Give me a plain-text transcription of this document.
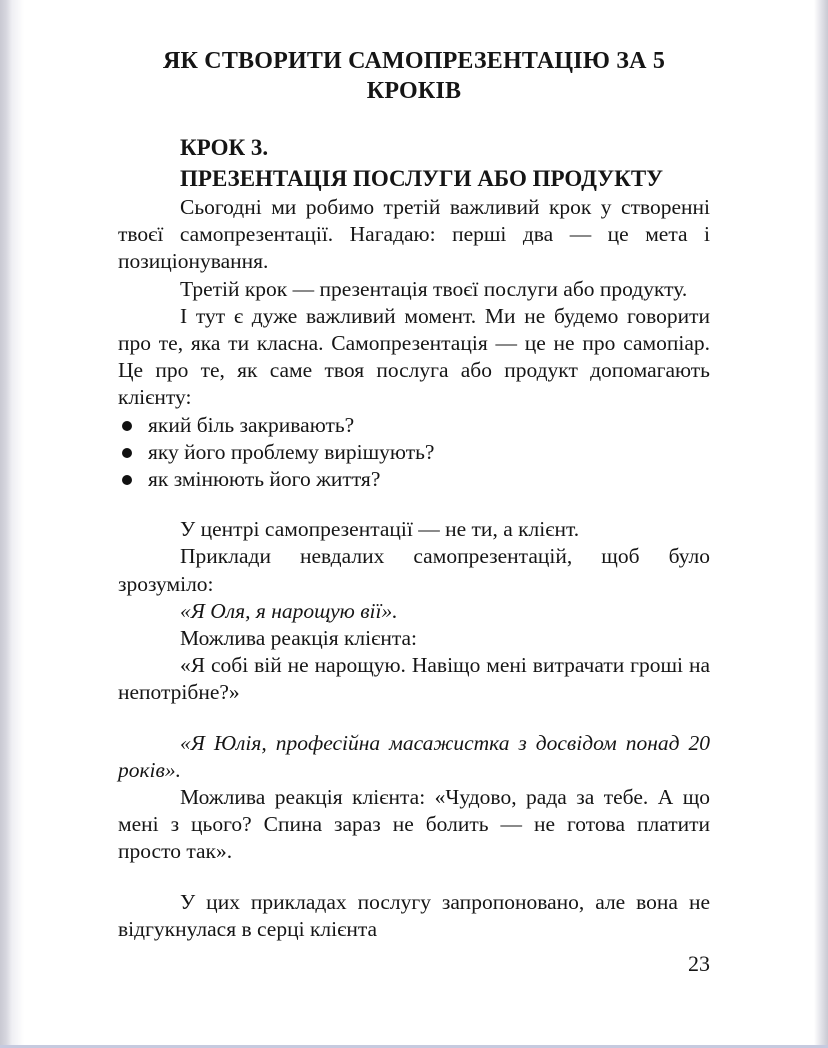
ЯК СТВОРИТИ САМОПРЕЗЕНТАЦІЮ ЗА 5 КРОКІВ
КРОК 3.
ПРЕЗЕНТАЦІЯ ПОСЛУГИ АБО ПРОДУКТУ

Сьогодні ми робимо третій важливий крок у створенні твоєї самопрезентації. Нагадаю: перші два — це мета і позиціонування.

Третій крок — презентація твоєї послуги або продукту.

І тут є дуже важливий момент. Ми не будемо говорити про те, яка ти класна. Самопрезентація — це не про самопіар. Це про те, як саме твоя послуга або продукт допомагають клієнту:

який біль закривають?
яку його проблему вирішують?
як змінюють його життя?

У центрі самопрезентації — не ти, а клієнт.

Приклади невдалих самопрезентацій, щоб було зрозуміло:

«Я Оля, я нарощую вії».

Можлива реакція клієнта:

«Я собі вій не нарощую. Навіщо мені витрачати гроші на непотрібне?»

«Я Юлія, професійна масажистка з досвідом понад 20 років».

Можлива реакція клієнта: «Чудово, рада за тебе. А що мені з цього? Спина зараз не болить — не готова платити просто так».

У цих прикладах послугу запропоновано, але вона не відгукнулася в серці клієнта

23
